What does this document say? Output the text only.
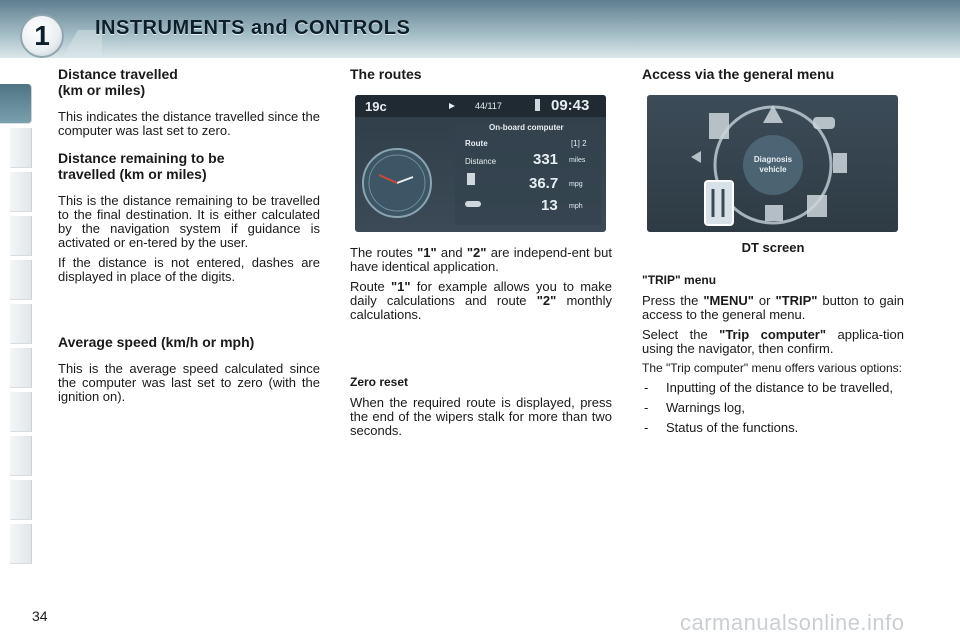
1	INSTRUMENTS and CONTROLS
Distance travelled
(km or miles)

This indicates the distance travelled since the computer was last set to zero.

Distance remaining to be
travelled (km or miles)

This is the distance remaining to be travelled to the final destination. It is either calculated by the navigation system if guidance is activated or en-tered by the user.

If the distance is not entered, dashes are displayed in place of the digits.

Average speed (km/h or mph)

This is the average speed calculated since the computer was last set to zero (with the ignition on).

The routes

The routes "1" and "2" are independ-ent but have identical application.

Route "1" for example allows you to make daily calculations and route "2" monthly calculations.

Zero reset

When the required route is displayed, press the end of the wipers stalk for more than two seconds.

19c	44/117	09:43
On-board computer
Route	[1] 2
Distance 331 miles
36.7 mpg
13 mph
Access via the general menu
"TRIP" menu

Press the "MENU" or "TRIP" button to gain access to the general menu.

Select the "Trip computer" applica-tion using the navigator, then confirm.

The "Trip computer" menu offers various options:

- Inputting of the distance to be travelled,
- Warnings log,
- Status of the functions.
Diagnosis
vehicle
DT screen
34	carmanualsonline.info
